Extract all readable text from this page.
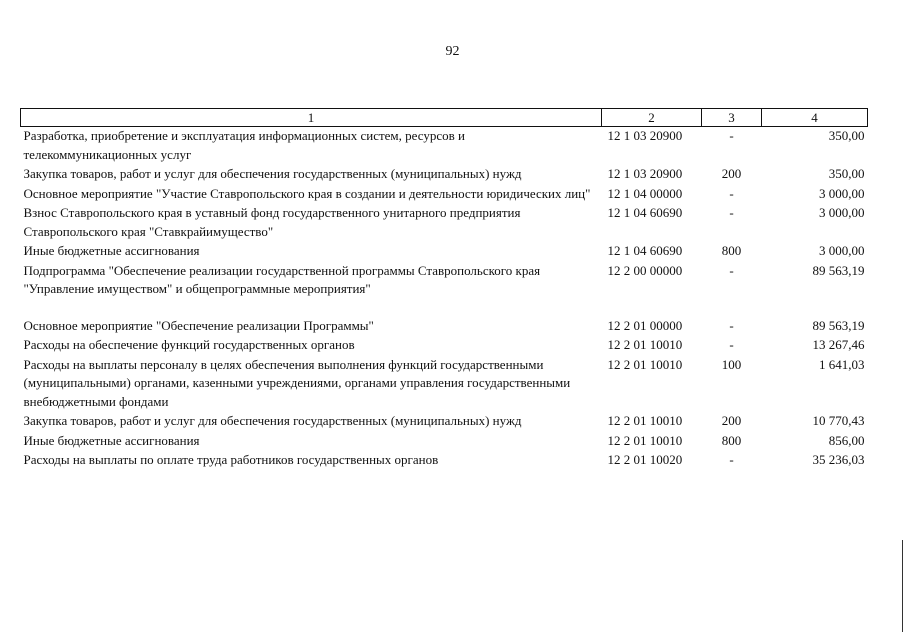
92
1	2	3	4
Разработка, приобретение и эксплуатация информационных систем, ресурсов и телекоммуникационных услуг	12 1 03 20900	-	350,00
Закупка товаров, работ и услуг для обеспечения государственных (муниципальных) нужд	12 1 03 20900	200	350,00
Основное мероприятие "Участие Ставропольского края в создании и деятельности юридических лиц"	12 1 04 00000	-	3 000,00
Взнос Ставропольского края в уставный фонд государственного унитарного предприятия Ставропольского края "Ставкрайимущество"	12 1 04 60690	-	3 000,00
Иные бюджетные ассигнования	12 1 04 60690	800	3 000,00
Подпрограмма "Обеспечение реализации государственной программы Ставропольского края "Управление имуществом" и общепрограммные мероприятия"	12 2 00 00000	-	89 563,19
Основное мероприятие "Обеспечение реализации Программы"	12 2 01 00000	-	89 563,19
Расходы на обеспечение функций государственных органов	12 2 01 10010	-	13 267,46
Расходы на выплаты персоналу в целях обеспечения выполнения функций государственными (муниципальными) органами, казенными учреждениями, органами управления государственными внебюджетными фондами	12 2 01 10010	100	1 641,03
Закупка товаров, работ и услуг для обеспечения государственных (муниципальных) нужд	12 2 01 10010	200	10 770,43
Иные бюджетные ассигнования	12 2 01 10010	800	856,00
Расходы на выплаты по оплате труда работников государственных органов	12 2 01 10020	-	35 236,03
